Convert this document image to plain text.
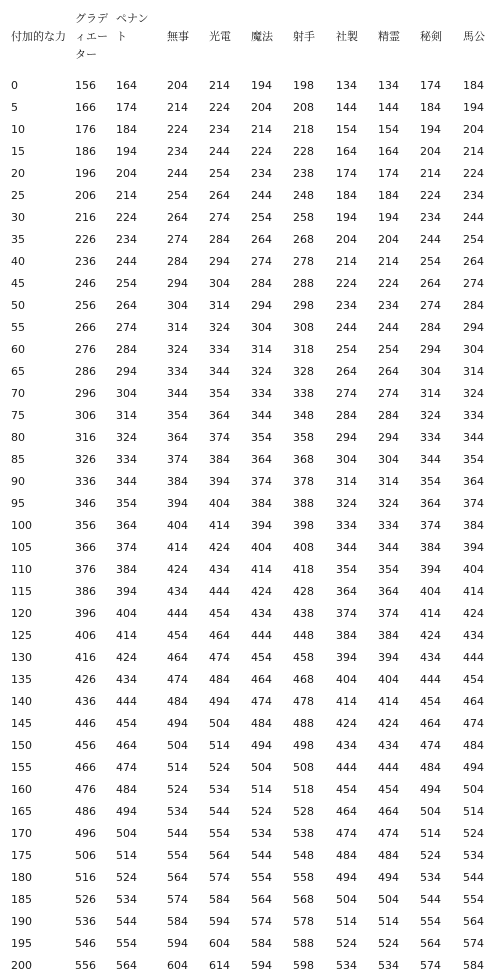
付加的な力	グラディエーター	ペナント	無事	光電	魔法	射手	社製	精霊	秘剣	馬公
0	156	164	204	214	194	198	134	134	174	184
5	166	174	214	224	204	208	144	144	184	194
10	176	184	224	234	214	218	154	154	194	204
15	186	194	234	244	224	228	164	164	204	214
20	196	204	244	254	234	238	174	174	214	224
25	206	214	254	264	244	248	184	184	224	234
30	216	224	264	274	254	258	194	194	234	244
35	226	234	274	284	264	268	204	204	244	254
40	236	244	284	294	274	278	214	214	254	264
45	246	254	294	304	284	288	224	224	264	274
50	256	264	304	314	294	298	234	234	274	284
55	266	274	314	324	304	308	244	244	284	294
60	276	284	324	334	314	318	254	254	294	304
65	286	294	334	344	324	328	264	264	304	314
70	296	304	344	354	334	338	274	274	314	324
75	306	314	354	364	344	348	284	284	324	334
80	316	324	364	374	354	358	294	294	334	344
85	326	334	374	384	364	368	304	304	344	354
90	336	344	384	394	374	378	314	314	354	364
95	346	354	394	404	384	388	324	324	364	374
100	356	364	404	414	394	398	334	334	374	384
105	366	374	414	424	404	408	344	344	384	394
110	376	384	424	434	414	418	354	354	394	404
115	386	394	434	444	424	428	364	364	404	414
120	396	404	444	454	434	438	374	374	414	424
125	406	414	454	464	444	448	384	384	424	434
130	416	424	464	474	454	458	394	394	434	444
135	426	434	474	484	464	468	404	404	444	454
140	436	444	484	494	474	478	414	414	454	464
145	446	454	494	504	484	488	424	424	464	474
150	456	464	504	514	494	498	434	434	474	484
155	466	474	514	524	504	508	444	444	484	494
160	476	484	524	534	514	518	454	454	494	504
165	486	494	534	544	524	528	464	464	504	514
170	496	504	544	554	534	538	474	474	514	524
175	506	514	554	564	544	548	484	484	524	534
180	516	524	564	574	554	558	494	494	534	544
185	526	534	574	584	564	568	504	504	544	554
190	536	544	584	594	574	578	514	514	554	564
195	546	554	594	604	584	588	524	524	564	574
200	556	564	604	614	594	598	534	534	574	584
